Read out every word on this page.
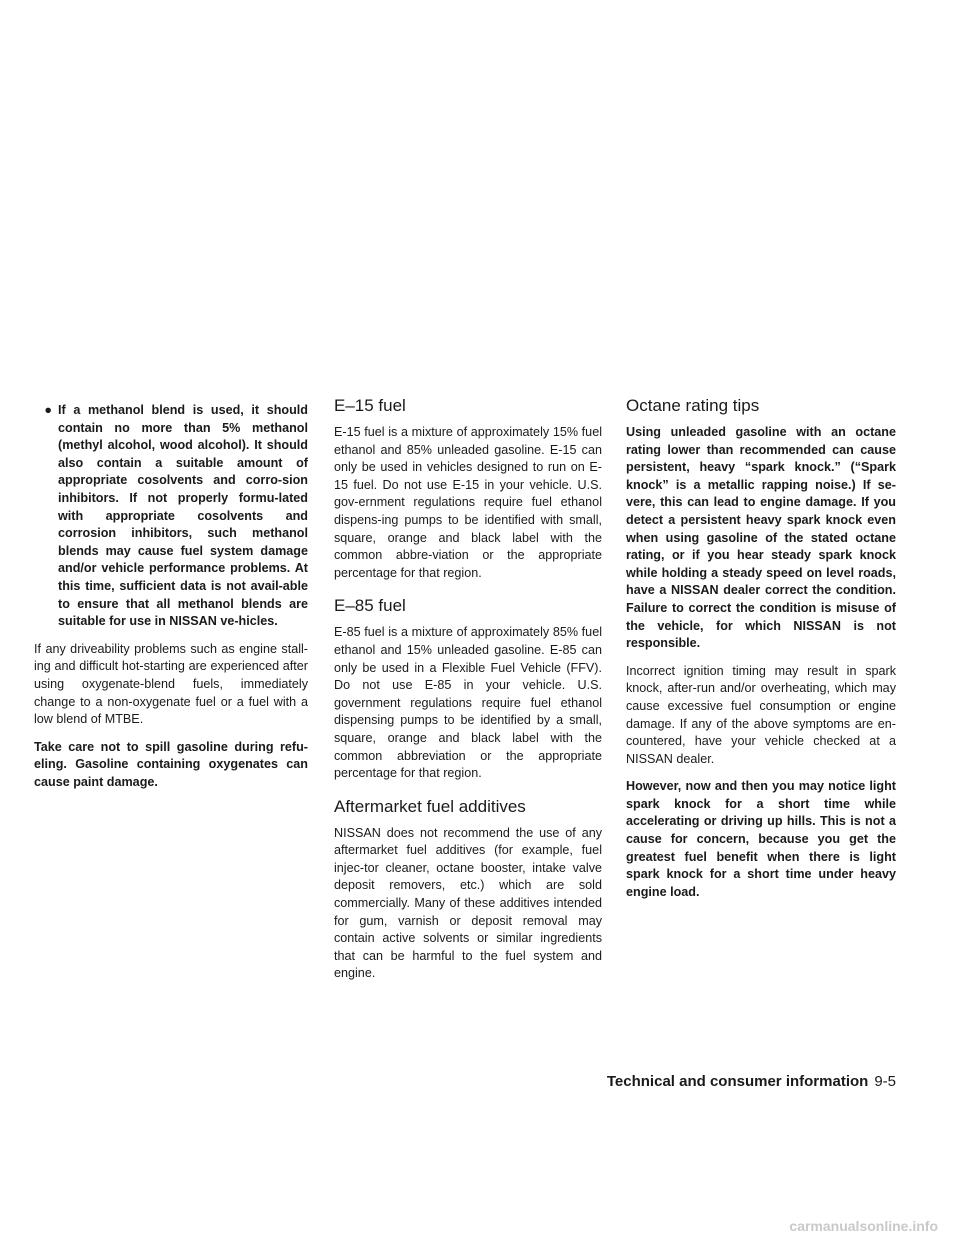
● If a methanol blend is used, it should contain no more than 5% methanol (methyl alcohol, wood alcohol). It should also contain a suitable amount of appropriate cosolvents and corro-sion inhibitors. If not properly formu-lated with appropriate cosolvents and corrosion inhibitors, such methanol blends may cause fuel system damage and/or vehicle performance problems. At this time, sufficient data is not avail-able to ensure that all methanol blends are suitable for use in NISSAN ve-hicles.

If any driveability problems such as engine stall-ing and difficult hot-starting are experienced after using oxygenate-blend fuels, immediately change to a non-oxygenate fuel or a fuel with a low blend of MTBE.

Take care not to spill gasoline during refu-eling. Gasoline containing oxygenates can cause paint damage.

E–15 fuel

E-15 fuel is a mixture of approximately 15% fuel ethanol and 85% unleaded gasoline. E-15 can only be used in vehicles designed to run on E-15 fuel. Do not use E-15 in your vehicle. U.S. gov-ernment regulations require fuel ethanol dispens-ing pumps to be identified with small, square, orange and black label with the common abbre-viation or the appropriate percentage for that region.

E–85 fuel

E-85 fuel is a mixture of approximately 85% fuel ethanol and 15% unleaded gasoline. E-85 can only be used in a Flexible Fuel Vehicle (FFV). Do not use E-85 in your vehicle. U.S. government regulations require fuel ethanol dispensing pumps to be identified by a small, square, orange and black label with the common abbreviation or the appropriate percentage for that region.

Aftermarket fuel additives

NISSAN does not recommend the use of any aftermarket fuel additives (for example, fuel injec-tor cleaner, octane booster, intake valve deposit removers, etc.) which are sold commercially. Many of these additives intended for gum, varnish or deposit removal may contain active solvents or similar ingredients that can be harmful to the fuel system and engine.

Octane rating tips

Using unleaded gasoline with an octane rating lower than recommended can cause persistent, heavy “spark knock.” (“Spark knock” is a metallic rapping noise.) If se-vere, this can lead to engine damage. If you detect a persistent heavy spark knock even when using gasoline of the stated octane rating, or if you hear steady spark knock while holding a steady speed on level roads, have a NISSAN dealer correct the condition. Failure to correct the condition is misuse of the vehicle, for which NISSAN is not responsible.

Incorrect ignition timing may result in spark knock, after-run and/or overheating, which may cause excessive fuel consumption or engine damage. If any of the above symptoms are en-countered, have your vehicle checked at a NISSAN dealer.

However, now and then you may notice light spark knock for a short time while accelerating or driving up hills. This is not a cause for concern, because you get the greatest fuel benefit when there is light spark knock for a short time under heavy engine load.

Technical and consumer information 9-5
carmanualsonline.info
